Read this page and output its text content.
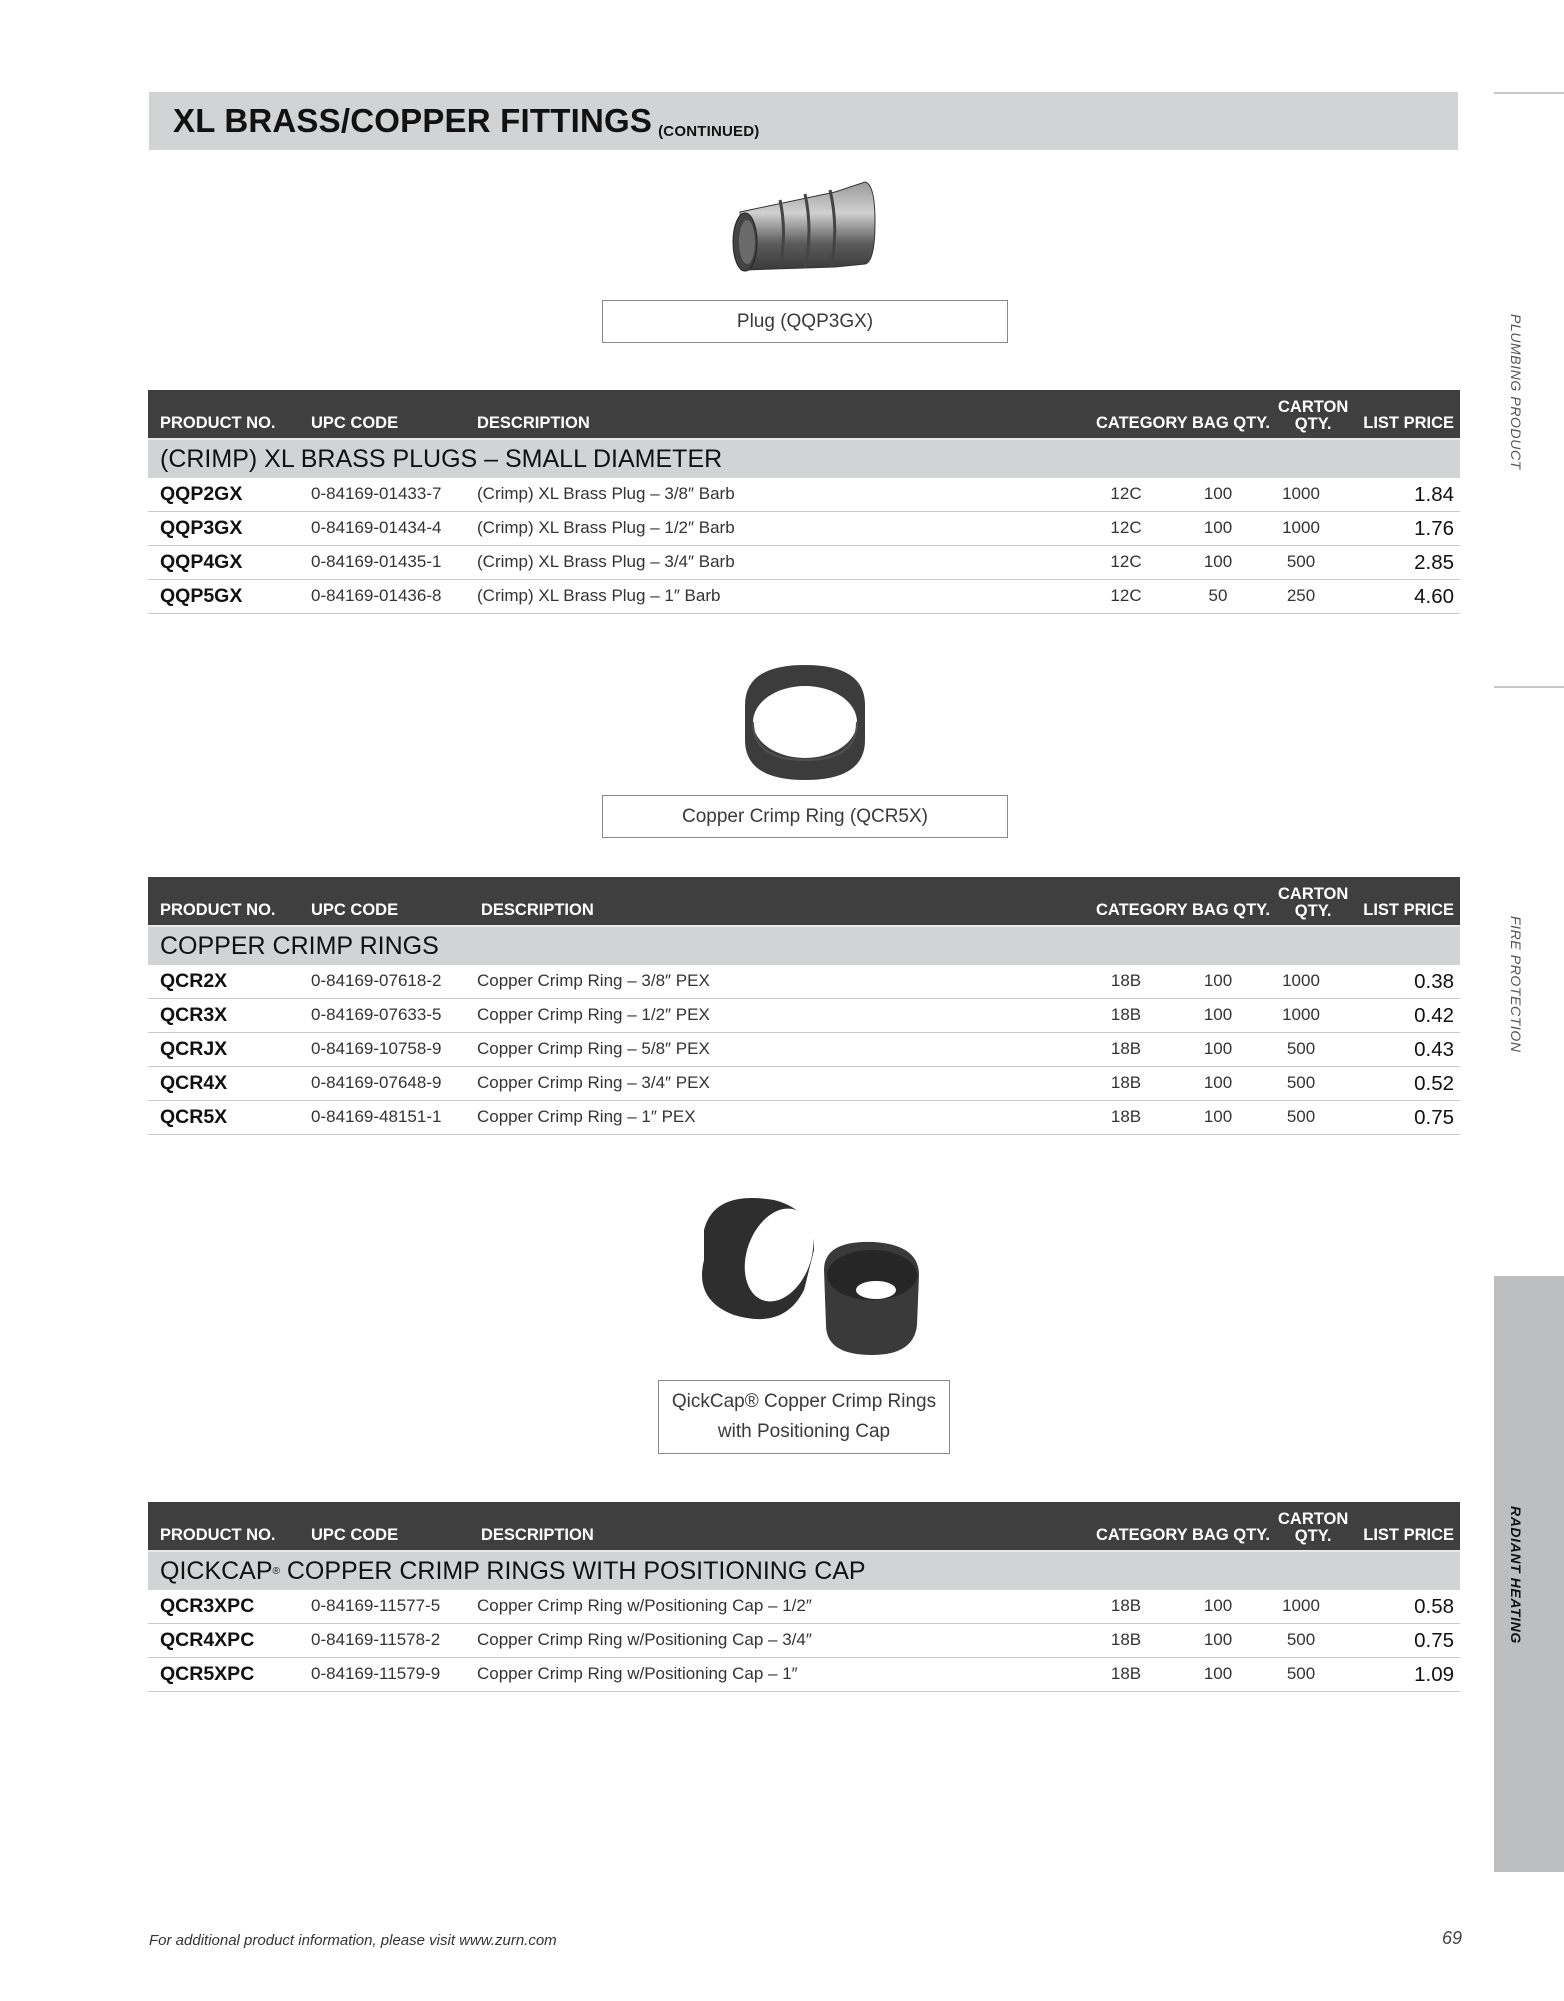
XL BRASS/COPPER FITTINGS (CONTINUED)
Plug (QQP3GX)
PRODUCT NO. UPC CODE	DESCRIPTION	CATEGORY BAG QTY.
CARTON
QTY.	LIST PRICE
(CRIMP) XL BRASS PLUGS – SMALL DIAMETER
QQP2GX	0-84169-01433-7 (Crimp) XL Brass Plug – 3/8″ Barb	12C	100	1000	1.84
QQP3GX	0-84169-01434-4 (Crimp) XL Brass Plug – 1/2″ Barb	12C	100	1000	1.76
QQP4GX	0-84169-01435-1 (Crimp) XL Brass Plug – 3/4″ Barb	12C	100	500	2.85
QQP5GX	0-84169-01436-8 (Crimp) XL Brass Plug – 1″ Barb	12C	50	250	4.60
Copper Crimp Ring (QCR5X)
PRODUCT NO. UPC CODE	DESCRIPTION	CATEGORY BAG QTY.
CARTON
QTY.	LIST PRICE
COPPER CRIMP RINGS
QCR2X	0-84169-07618-2 Copper Crimp Ring – 3/8″ PEX	18B	100	1000	0.38
QCR3X	0-84169-07633-5 Copper Crimp Ring – 1/2″ PEX	18B	100	1000	0.42
QCRJX	0-84169-10758-9 Copper Crimp Ring – 5/8″ PEX	18B	100	500	0.43
QCR4X	0-84169-07648-9 Copper Crimp Ring – 3/4″ PEX	18B	100	500	0.52
QCR5X	0-84169-48151-1 Copper Crimp Ring – 1″ PEX	18B	100	500	0.75
QickCap® Copper Crimp Rings
with Positioning Cap
PRODUCT NO. UPC CODE	DESCRIPTION	CATEGORY BAG QTY.
CARTON
QTY.	LIST PRICE
QICKCAP ® COPPER CRIMP RINGS WITH POSITIONING CAP
QCR3XPC	0-84169-11577-5 Copper Crimp Ring w/Positioning Cap – 1/2″	18B	100	1000	0.58
QCR4XPC	0-84169-11578-2 Copper Crimp Ring w/Positioning Cap – 3/4″	18B	100	500	0.75
QCR5XPC	0-84169-11579-9 Copper Crimp Ring w/Positioning Cap – 1″	18B	100	500	1.09
PLUMBING PRODUCT
FIRE PROTECTION
RADIANT HEATING
For additional product information, please visit www.zurn.com	69
